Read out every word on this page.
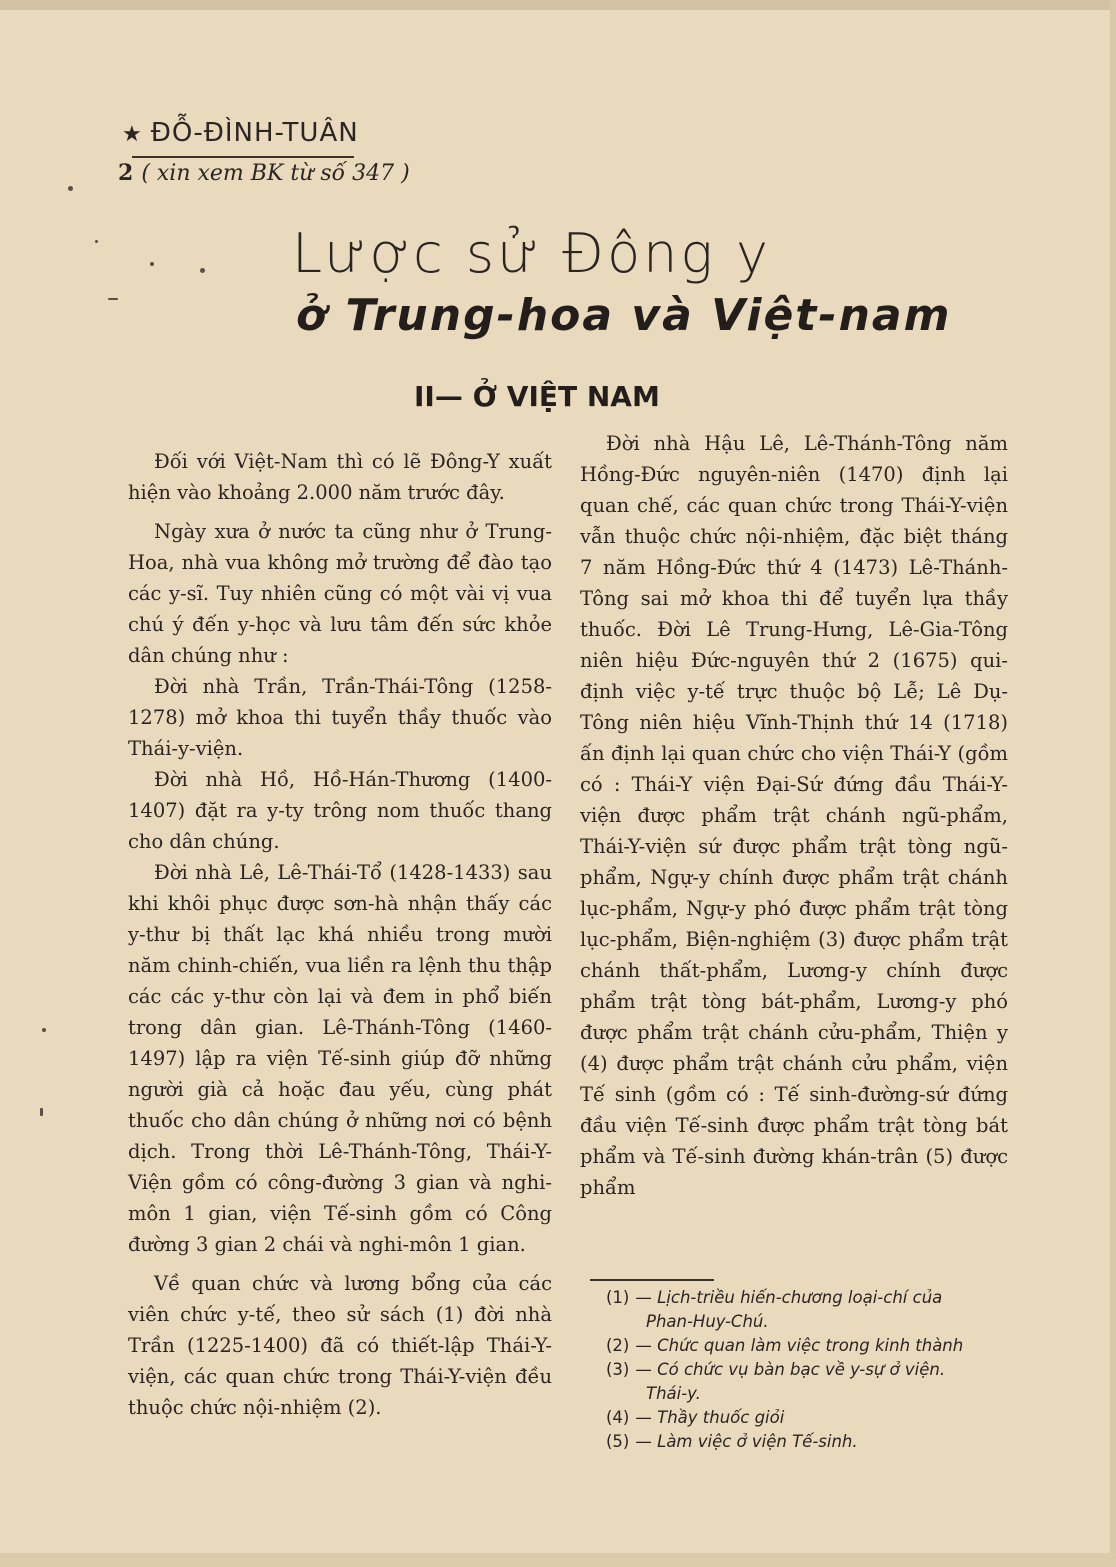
★ ĐỖ-ĐÌNH-TUÂN
2 ( xin xem BK từ số 347 )
Lược sử Đông y
ở Trung-hoa và Việt-nam
II— Ở VIỆT NAM

Đối với Việt-Nam thì có lẽ Đông-Y xuất hiện vào khoảng 2.000 năm trước đây.

Ngày xưa ở nước ta cũng như ở Trung-Hoa, nhà vua không mở trường để đào tạo các y-sĩ. Tuy nhiên cũng có một vài vị vua chú ý đến y-học và lưu tâm đến sức khỏe dân chúng như :

Đời nhà Trần, Trần-Thái-Tông (1258-1278) mở khoa thi tuyển thầy thuốc vào Thái-y-viện.

Đời nhà Hồ, Hồ-Hán-Thương (1400-1407) đặt ra y-ty trông nom thuốc thang cho dân chúng.

Đời nhà Lê, Lê-Thái-Tổ (1428-1433) sau khi khôi phục được sơn-hà nhận thấy các y-thư bị thất lạc khá nhiều trong mười năm chinh-chiến, vua liền ra lệnh thu thập các các y-thư còn lại và đem in phổ biến trong dân gian. Lê-Thánh-Tông (1460-1497) lập ra viện Tế-sinh giúp đỡ những người già cả hoặc đau yếu, cùng phát thuốc cho dân chúng ở những nơi có bệnh dịch. Trong thời Lê-Thánh-Tông, Thái-Y-Viện gồm có công-đường 3 gian và nghi-môn 1 gian, viện Tế-sinh gồm có Công đường 3 gian 2 chái và nghi-môn 1 gian.

Về quan chức và lương bổng của các viên chức y-tế, theo sử sách (1) đời nhà Trần (1225-1400) đã có thiết-lập Thái-Y-viện, các quan chức trong Thái-Y-viện đều thuộc chức nội-nhiệm (2).

Đời nhà Hậu Lê, Lê-Thánh-Tông năm Hồng-Đức nguyên-niên (1470) định lại quan chế, các quan chức trong Thái-Y-viện vẫn thuộc chức nội-nhiệm, đặc biệt tháng 7 năm Hồng-Đức thứ 4 (1473) Lê-Thánh-Tông sai mở khoa thi để tuyển lựa thầy thuốc. Đời Lê Trung-Hưng, Lê-Gia-Tông niên hiệu Đức-nguyên thứ 2 (1675) qui-định việc y-tế trực thuộc bộ Lễ; Lê Dụ-Tông niên hiệu Vĩnh-Thịnh thứ 14 (1718) ấn định lại quan chức cho viện Thái-Y (gồm có : Thái-Y viện Đại-Sứ đứng đầu Thái-Y-viện được phẩm trật chánh ngũ-phẩm, Thái-Y-viện sứ được phẩm trật tòng ngũ-phẩm, Ngự-y chính được phẩm trật chánh lục-phẩm, Ngự-y phó được phẩm trật tòng lục-phẩm, Biện-nghiệm (3) được phẩm trật chánh thất-phẩm, Lương-y chính được phẩm trật tòng bát-phẩm, Lương-y phó được phẩm trật chánh cửu-phẩm, Thiện y (4) được phẩm trật chánh cửu phẩm, viện Tế sinh (gồm có : Tế sinh-đường-sứ đứng đầu viện Tế-sinh được phẩm trật tòng bát phẩm và Tế-sinh đường khán-trân (5) được phẩm

(1) — Lịch-triều hiến-chương loại-chí của
Phan-Huy-Chú.

(2) — Chức quan làm việc trong kinh thành

(3) — Có chức vụ bàn bạc về y-sự ở viện.
Thái-y.

(4) — Thầy thuốc giỏi

(5) — Làm việc ở viện Tế-sinh.
